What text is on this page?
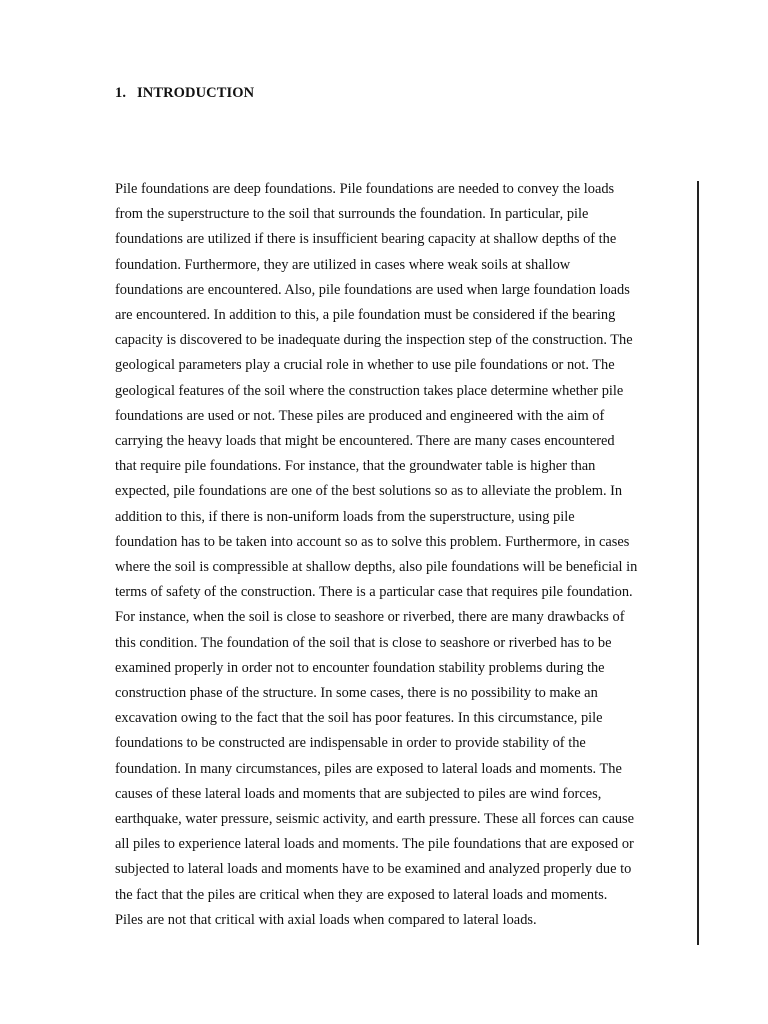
1. INTRODUCTION
Pile foundations are deep foundations. Pile foundations are needed to convey the loads
from the superstructure to the soil that surrounds the foundation. In particular, pile
foundations are utilized if there is insufficient bearing capacity at shallow depths of the
foundation. Furthermore, they are utilized in cases where weak soils at shallow
foundations are encountered. Also, pile foundations are used when large foundation loads
are encountered. In addition to this, a pile foundation must be considered if the bearing
capacity is discovered to be inadequate during the inspection step of the construction. The
geological parameters play a crucial role in whether to use pile foundations or not. The
geological features of the soil where the construction takes place determine whether pile
foundations are used or not. These piles are produced and engineered with the aim of
carrying the heavy loads that might be encountered. There are many cases encountered
that require pile foundations. For instance, that the groundwater table is higher than
expected, pile foundations are one of the best solutions so as to alleviate the problem. In
addition to this, if there is non-uniform loads from the superstructure, using pile
foundation has to be taken into account so as to solve this problem. Furthermore, in cases
where the soil is compressible at shallow depths, also pile foundations will be beneficial in
terms of safety of the construction. There is a particular case that requires pile foundation.
For instance, when the soil is close to seashore or riverbed, there are many drawbacks of
this condition. The foundation of the soil that is close to seashore or riverbed has to be
examined properly in order not to encounter foundation stability problems during the
construction phase of the structure. In some cases, there is no possibility to make an
excavation owing to the fact that the soil has poor features. In this circumstance, pile
foundations to be constructed are indispensable in order to provide stability of the
foundation. In many circumstances, piles are exposed to lateral loads and moments. The
causes of these lateral loads and moments that are subjected to piles are wind forces,
earthquake, water pressure, seismic activity, and earth pressure. These all forces can cause
all piles to experience lateral loads and moments. The pile foundations that are exposed or
subjected to lateral loads and moments have to be examined and analyzed properly due to
the fact that the piles are critical when they are exposed to lateral loads and moments.
Piles are not that critical with axial loads when compared to lateral loads.
